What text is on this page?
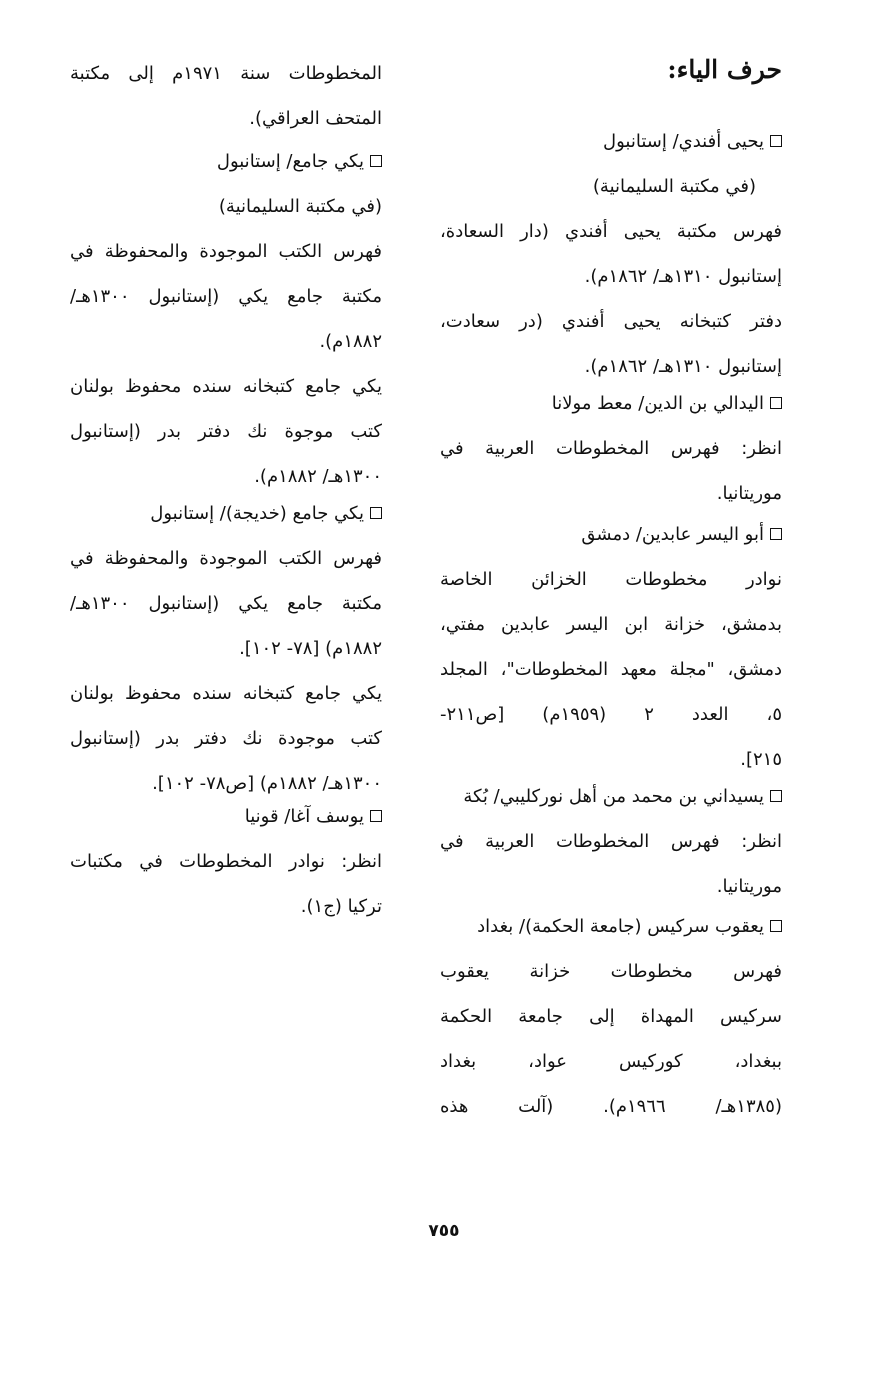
حرف الياء:
يحيى أفندي/ إستانبول
(في مكتبة السليمانية)
فهرس مكتبة يحيى أفندي (دار السعادة،
إستانبول ١٣١٠هـ/ ١٨٦٢م).
دفتر كتبخانه يحيى أفندي (در سعادت،
إستانبول ١٣١٠هـ/ ١٨٦٢م).
اليدالي بن الدين/ معط مولانا
انظر: فهرس المخطوطات العربية في
موريتانيا.
أبو اليسر عابدين/ دمشق
نوادر مخطوطات الخزائن الخاصة
بدمشق، خزانة ابن اليسر عابدين مفتي،
دمشق، "مجلة معهد المخطوطات"، المجلد
٥، العدد ٢ (١٩٥٩م) [ص٢١١-
٢١٥].
يسيداني بن محمد من أهل نوركليبي/ بُكة
انظر: فهرس المخطوطات العربية في
موريتانيا.
يعقوب سركيس (جامعة الحكمة)/ بغداد
فهرس مخطوطات خزانة يعقوب
سركيس المهداة إلى جامعة الحكمة
ببغداد، كوركيس عواد، بغداد
(١٣٨٥هـ/ ١٩٦٦م). (آلت هذه
المخطوطات سنة ١٩٧١م إلى مكتبة
المتحف العراقي).
يكي جامع/ إستانبول
(في مكتبة السليمانية)
فهرس الكتب الموجودة والمحفوظة في
مكتبة جامع يكي (إستانبول ١٣٠٠هـ/
١٨٨٢م).
يكي جامع كتبخانه سنده محفوظ بولنان
كتب موجوة نك دفتر بدر (إستانبول
١٣٠٠هـ/ ١٨٨٢م).
يكي جامع (خديجة)/ إستانبول
فهرس الكتب الموجودة والمحفوظة في
مكتبة جامع يكي (إستانبول ١٣٠٠هـ/
١٨٨٢م) [٧٨- ١٠٢].
يكي جامع كتبخانه سنده محفوظ بولنان
كتب موجودة نك دفتر بدر (إستانبول
١٣٠٠هـ/ ١٨٨٢م) [ص٧٨- ١٠٢].
يوسف آغا/ قونيا
انظر: نوادر المخطوطات في مكتبات
تركيا (ج١).
٧٥٥
